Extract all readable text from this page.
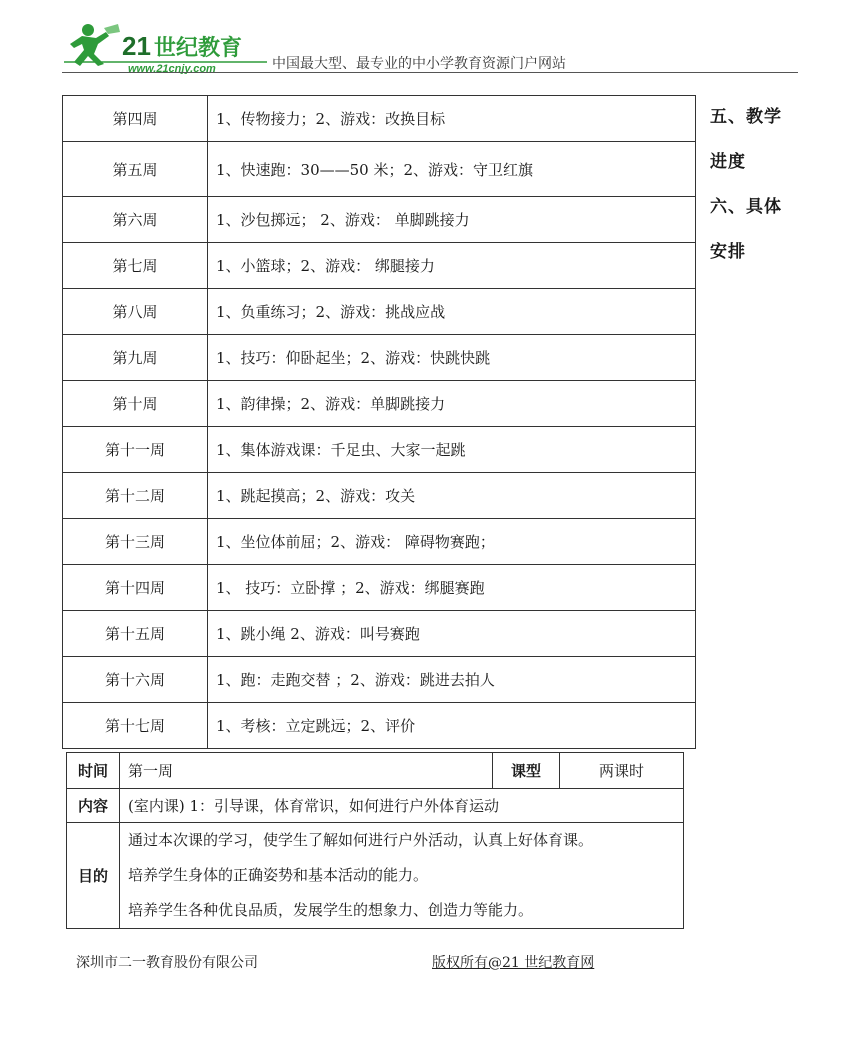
21 世纪教育
www.21cnjy.com	中国最大型、最专业的中小学教育资源门户网站
第四周	1、传物接力；2、游戏：改换目标
第五周	1、快速跑：30——50 米；2、游戏：守卫红旗
第六周	1、沙包掷远； 2、游戏： 单脚跳接力
第七周	1、小篮球；2、游戏： 绑腿接力
第八周	1、负重练习；2、游戏：挑战应战
第九周	1、技巧：仰卧起坐；2、游戏：快跳快跳
第十周	1、韵律操；2、游戏：单脚跳接力
第十一周	1、集体游戏课：千足虫、大家一起跳
第十二周	1、跳起摸高；2、游戏：攻关
第十三周	1、坐位体前屈；2、游戏： 障碍物赛跑；
第十四周	1、 技巧：立卧撑 ；2、游戏：绑腿赛跑
第十五周	1、跳小绳 2、游戏：叫号赛跑
第十六周	1、跑：走跑交替 ；2、游戏：跳进去拍人
第十七周	1、考核：立定跳远；2、评价
五、教学
进度
六、具体
安排
时间	第一周	课型	两课时
内容	(室内课) 1：引导课，体育常识，如何进行户外体育运动		
目的	通过本次课的学习，使学生了解如何进行户外活动，认真上好体育课。
培养学生身体的正确姿势和基本活动的能力。
培养学生各种优良品质，发展学生的想象力、创造力等能力。		
深圳市二一教育股份有限公司	版权所有@21 世纪教育网
